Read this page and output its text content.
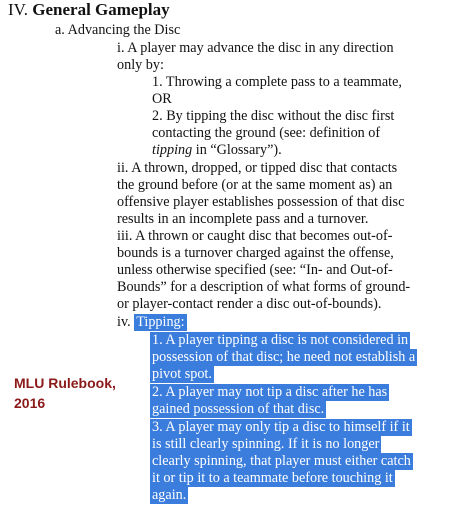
IV. General Gameplay
a. Advancing the Disc
i. A player may advance the disc in any direction
only by:
1. Throwing a complete pass to a teammate,
OR
2. By tipping the disc without the disc first
contacting the ground (see: definition of
tipping in “Glossary”).
ii. A thrown, dropped, or tipped disc that contacts
the ground before (or at the same moment as) an
offensive player establishes possession of that disc
results in an incomplete pass and a turnover.
iii. A thrown or caught disc that becomes out-of-
bounds is a turnover charged against the offense,
unless otherwise specified (see: “In- and Out-of-
Bounds” for a description of what forms of ground-
or player-contact render a disc out-of-bounds).
iv. Tipping:
1. A player tipping a disc is not considered in
possession of that disc; he need not establish a
pivot spot.
2. A player may not tip a disc after he has
gained possession of that disc.
3. A player may only tip a disc to himself if it
is still clearly spinning. If it is no longer
clearly spinning, that player must either catch
it or tip it to a teammate before touching it
again.
MLU Rulebook,
2016
